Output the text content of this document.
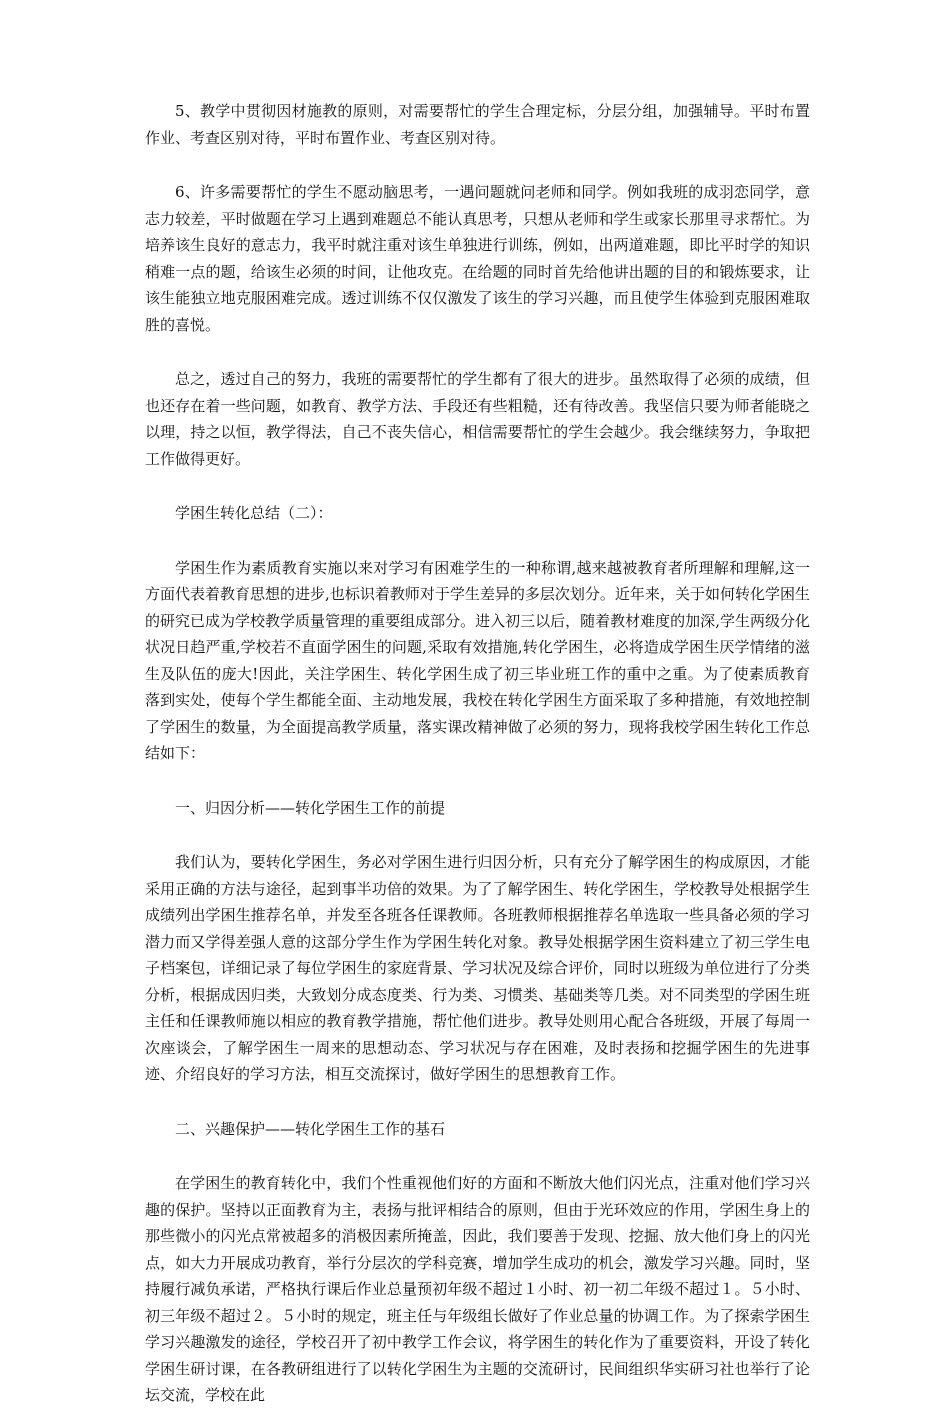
5、教学中贯彻因材施教的原则，对需要帮忙的学生合理定标，分层分组，加强辅导。平时布置作业、考查区别对待，平时布置作业、考查区别对待。

6、许多需要帮忙的学生不愿动脑思考，一遇问题就问老师和同学。例如我班的成羽恋同学，意志力较差，平时做题在学习上遇到难题总不能认真思考，只想从老师和学生或家长那里寻求帮忙。为培养该生良好的意志力，我平时就注重对该生单独进行训练，例如，出两道难题，即比平时学的知识稍难一点的题，给该生必须的时间，让他攻克。在给题的同时首先给他讲出题的目的和锻炼要求，让该生能独立地克服困难完成。透过训练不仅仅激发了该生的学习兴趣，而且使学生体验到克服困难取胜的喜悦。

总之，透过自己的努力，我班的需要帮忙的学生都有了很大的进步。虽然取得了必须的成绩，但也还存在着一些问题，如教育、教学方法、手段还有些粗糙，还有待改善。我坚信只要为师者能晓之以理，持之以恒，教学得法，自己不丧失信心，相信需要帮忙的学生会越少。我会继续努力，争取把工作做得更好。

学困生转化总结（二）：

学困生作为素质教育实施以来对学习有困难学生的一种称谓,越来越被教育者所理解和理解,这一方面代表着教育思想的进步,也标识着教师对于学生差异的多层次划分。近年来，关于如何转化学困生的研究已成为学校教学质量管理的重要组成部分。进入初三以后，随着教材难度的加深,学生两级分化状况日趋严重,学校若不直面学困生的问题,采取有效措施,转化学困生，必将造成学困生厌学情绪的滋生及队伍的庞大!因此，关注学困生、转化学困生成了初三毕业班工作的重中之重。为了使素质教育落到实处，使每个学生都能全面、主动地发展，我校在转化学困生方面采取了多种措施，有效地控制了学困生的数量，为全面提高教学质量，落实课改精神做了必须的努力，现将我校学困生转化工作总结如下：

一、归因分析——转化学困生工作的前提

我们认为，要转化学困生，务必对学困生进行归因分析，只有充分了解学困生的构成原因，才能采用正确的方法与途径，起到事半功倍的效果。为了了解学困生、转化学困生，学校教导处根据学生成绩列出学困生推荐名单，并发至各班各任课教师。各班教师根据推荐名单选取一些具备必须的学习潜力而又学得差强人意的这部分学生作为学困生转化对象。教导处根据学困生资料建立了初三学生电子档案包，详细记录了每位学困生的家庭背景、学习状况及综合评价，同时以班级为单位进行了分类分析，根据成因归类，大致划分成态度类、行为类、习惯类、基础类等几类。对不同类型的学困生班主任和任课教师施以相应的教育教学措施，帮忙他们进步。教导处则用心配合各班级，开展了每周一次座谈会，了解学困生一周来的思想动态、学习状况与存在困难，及时表扬和挖掘学困生的先进事迹、介绍良好的学习方法，相互交流探讨，做好学困生的思想教育工作。

二、兴趣保护——转化学困生工作的基石

在学困生的教育转化中，我们个性重视他们好的方面和不断放大他们闪光点，注重对他们学习兴趣的保护。坚持以正面教育为主，表扬与批评相结合的原则，但由于光环效应的作用，学困生身上的那些微小的闪光点常被超多的消极因素所掩盖，因此，我们要善于发现、挖掘、放大他们身上的闪光点，如大力开展成功教育，举行分层次的学科竞赛，增加学生成功的机会，激发学习兴趣。同时，坚持履行减负承诺，严格执行课后作业总量预初年级不超过１小时、初一初二年级不超过１。５小时、初三年级不超过２。５小时的规定，班主任与年级组长做好了作业总量的协调工作。为了探索学困生学习兴趣激发的途径，学校召开了初中教学工作会议，将学困生的转化作为了重要资料，开设了转化学困生研讨课，在各教研组进行了以转化学困生为主题的交流研讨，民间组织华实研习社也举行了论坛交流，学校在此
